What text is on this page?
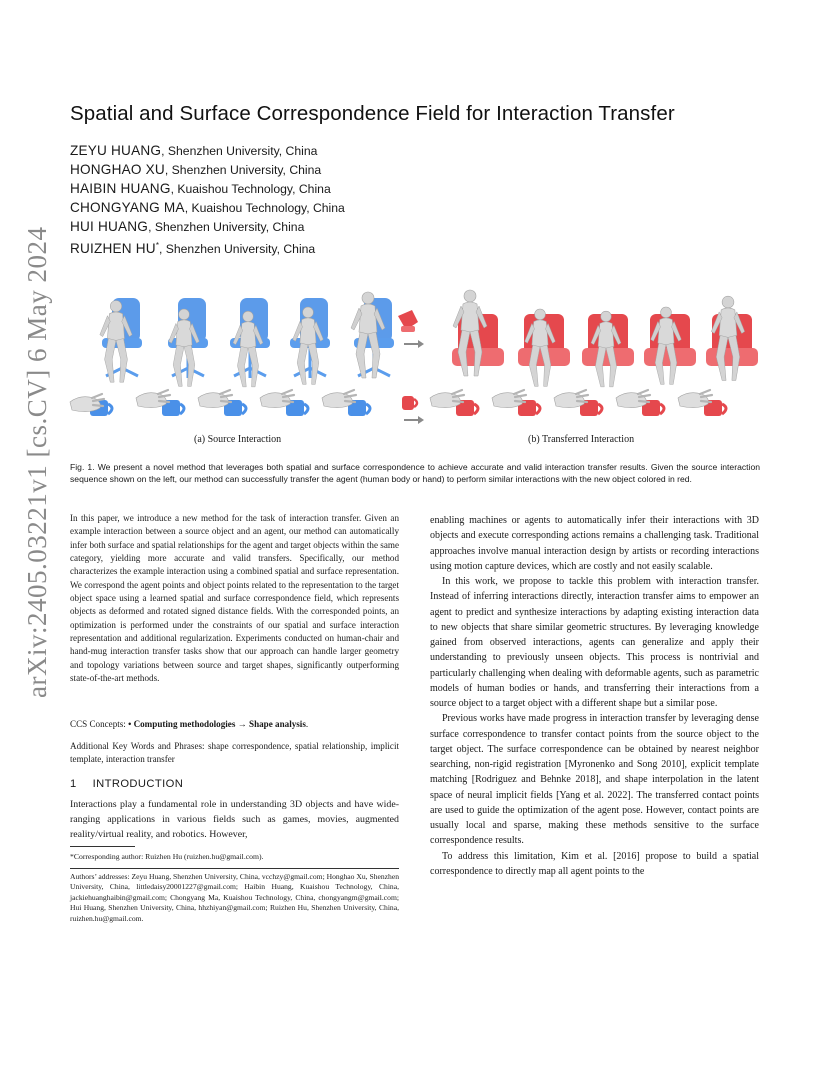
arXiv:2405.03221v1 [cs.CV] 6 May 2024
Spatial and Surface Correspondence Field for Interaction Transfer
ZEYU HUANG, Shenzhen University, China
HONGHAO XU, Shenzhen University, China
HAIBIN HUANG, Kuaishou Technology, China
CHONGYANG MA, Kuaishou Technology, China
HUI HUANG, Shenzhen University, China
RUIZHEN HU*, Shenzhen University, China
(a) Source Interaction	(b) Transferred Interaction
Fig. 1. We present a novel method that leverages both spatial and surface correspondence to achieve accurate and valid interaction transfer results. Given the source interaction sequence shown on the left, our method can successfully transfer the agent (human body or hand) to perform similar interactions with the new object colored in red.
In this paper, we introduce a new method for the task of interaction transfer. Given an example interaction between a source object and an agent, our method can automatically infer both surface and spatial relationships for the agent and target objects within the same category, yielding more accurate and valid transfers. Specifically, our method characterizes the example interaction using a combined spatial and surface representation. We correspond the agent points and object points related to the representation to the target object space using a learned spatial and surface correspondence field, which represents objects as deformed and rotated signed distance fields. With the corresponded points, an optimization is performed under the constraints of our spatial and surface interaction representation and additional regularization. Experiments conducted on human-chair and hand-mug interaction transfer tasks show that our approach can handle larger geometry and topology variations between source and target shapes, significantly outperforming state-of-the-art methods.
CCS Concepts: • Computing methodologies → Shape analysis.
Additional Key Words and Phrases: shape correspondence, spatial relationship, implicit template, interaction transfer
1 INTRODUCTION
Interactions play a fundamental role in understanding 3D objects and have wide-ranging applications in various fields such as games, movies, augmented reality/virtual reality, and robotics. However,
*Corresponding author: Ruizhen Hu (ruizhen.hu@gmail.com).
Authors’ addresses: Zeyu Huang, Shenzhen University, China, vcchzy@gmail.com; Honghao Xu, Shenzhen University, China, littledaisy20001227@gmail.com; Haibin Huang, Kuaishou Technology, China, jackiehuanghaibin@gmail.com; Chongyang Ma, Kuaishou Technology, China, chongyangm@gmail.com; Hui Huang, Shenzhen University, China, hhzhiyan@gmail.com; Ruizhen Hu, Shenzhen University, China, ruizhen.hu@gmail.com.

enabling machines or agents to automatically infer their interactions with 3D objects and execute corresponding actions remains a challenging task. Traditional approaches involve manual interaction design by artists or recording interactions using motion capture devices, which are costly and not easily scalable.

In this work, we propose to tackle this problem with interaction transfer. Instead of inferring interactions directly, interaction transfer aims to empower an agent to predict and synthesize interactions by adapting existing interaction data to new objects that share similar geometric structures. By leveraging knowledge gained from observed interactions, agents can generalize and apply their understanding to previously unseen objects. This process is nontrivial and particularly challenging when dealing with deformable agents, such as parametric models of human bodies or hands, and transferring their interactions from a source object to a target object with a different shape but a similar pose.

Previous works have made progress in interaction transfer by leveraging dense surface correspondence to transfer contact points from the source object to the target object. The surface correspondence can be obtained by nearest neighbor searching, non-rigid registration [Myronenko and Song 2010], explicit template matching [Rodriguez and Behnke 2018], and shape interpolation in the latent space of neural implicit fields [Yang et al. 2022]. The transferred contact points are used to guide the optimization of the agent pose. However, contact points are usually local and sparse, making these methods sensitive to the surface correspondence results.

To address this limitation, Kim et al. [2016] propose to build a spatial correspondence to directly map all agent points to the
